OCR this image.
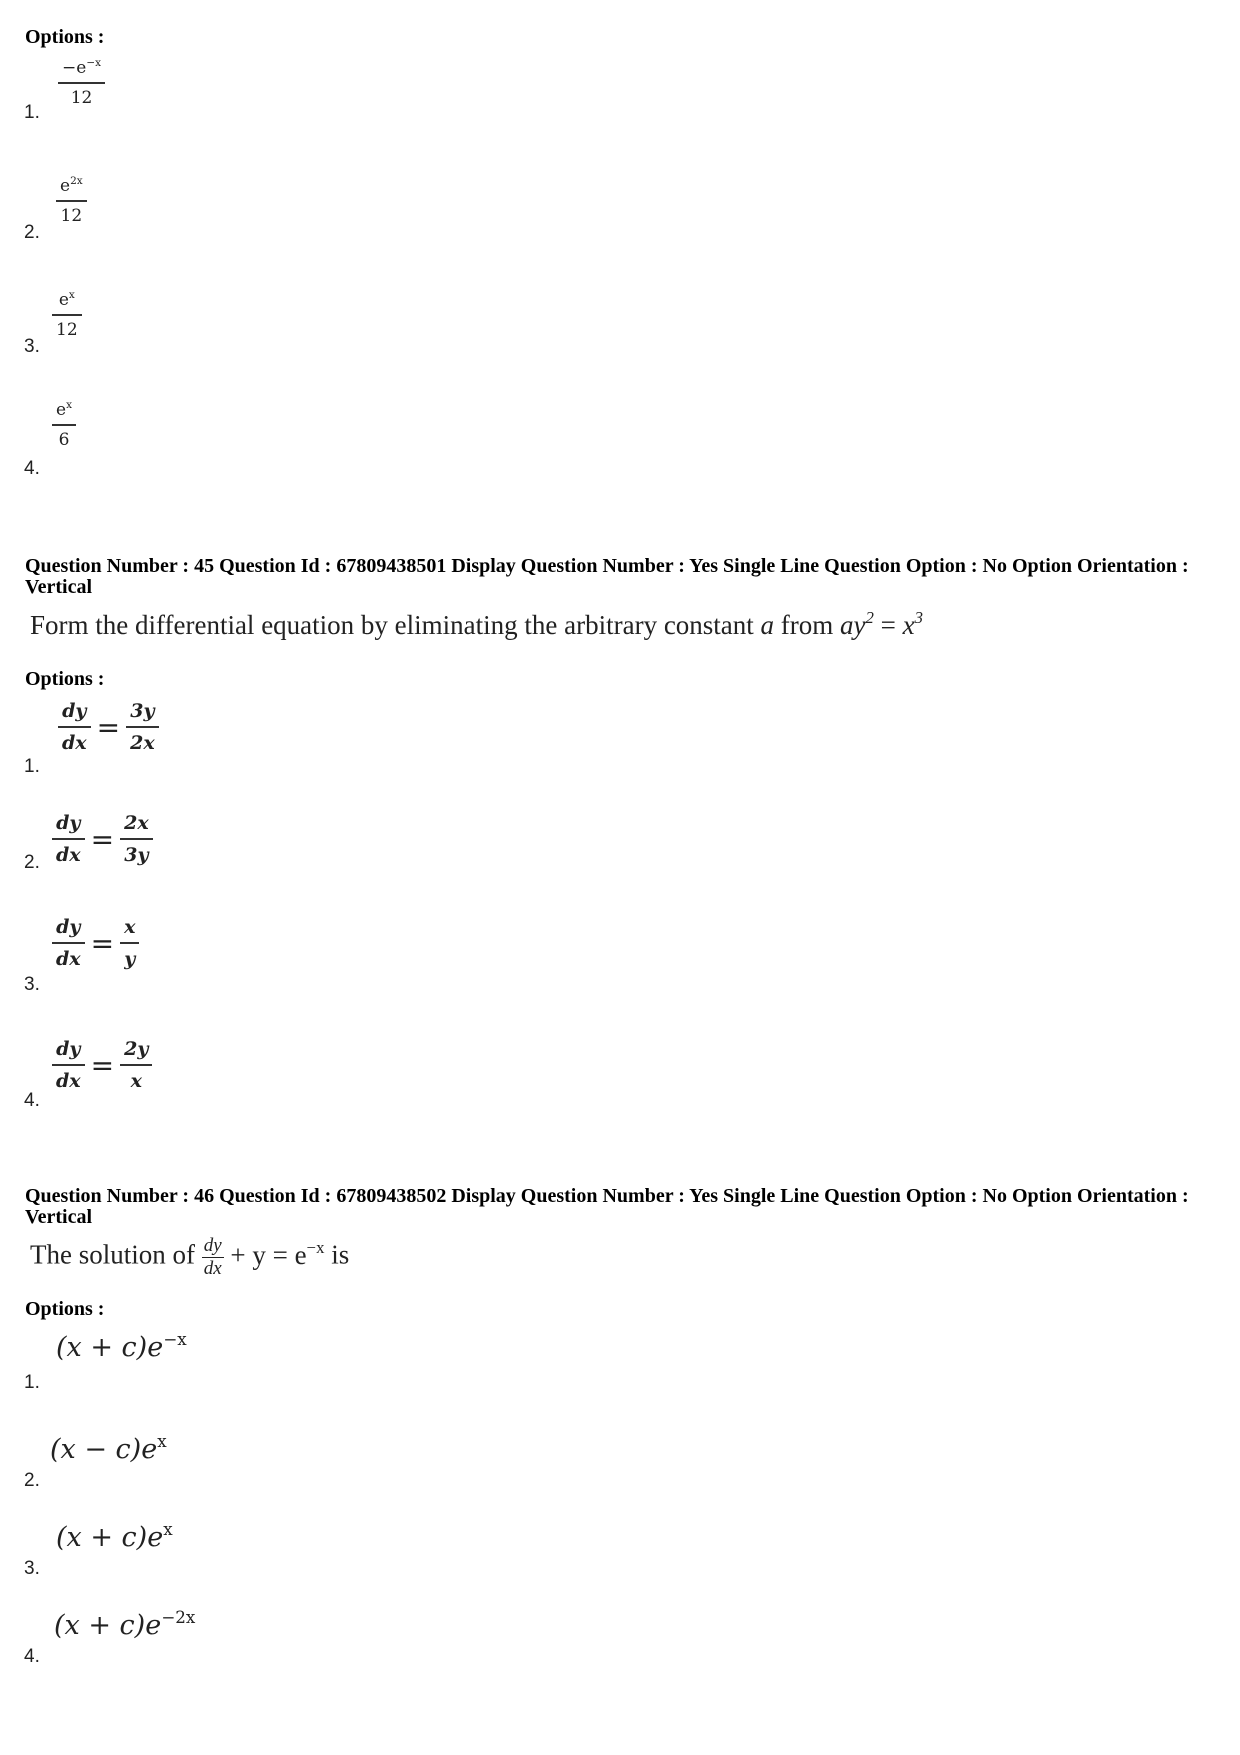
Options :
$\frac{-e^{-x}}{12}$
1.
$\frac{e^{2x}}{12}$
2.
$\frac{e^x}{12}$
3.
$\frac{e^x}{6}$
4.
Question Number : 45 Question Id : 67809438501 Display Question Number : Yes Single Line Question Option : No Option Orientation : Vertical
Form the differential equation by eliminating the arbitrary constant a from $ay^2 = x^3$
Options :
$\frac{dy}{dx} = \frac{3y}{2x}$
1.
$\frac{dy}{dx} = \frac{2x}{3y}$
2.
$\frac{dy}{dx} = \frac{x}{y}$
3.
$\frac{dy}{dx} = \frac{2y}{x}$
4.
Question Number : 46 Question Id : 67809438502 Display Question Number : Yes Single Line Question Option : No Option Orientation : Vertical
The solution of $\frac{dy}{dx} + y = e^{-x}$ is
Options :
$(x + c)e^{-x}$
1.
$(x - c)e^x$
2.
$(x + c)e^x$
3.
$(x + c)e^{-2x}$
4.
